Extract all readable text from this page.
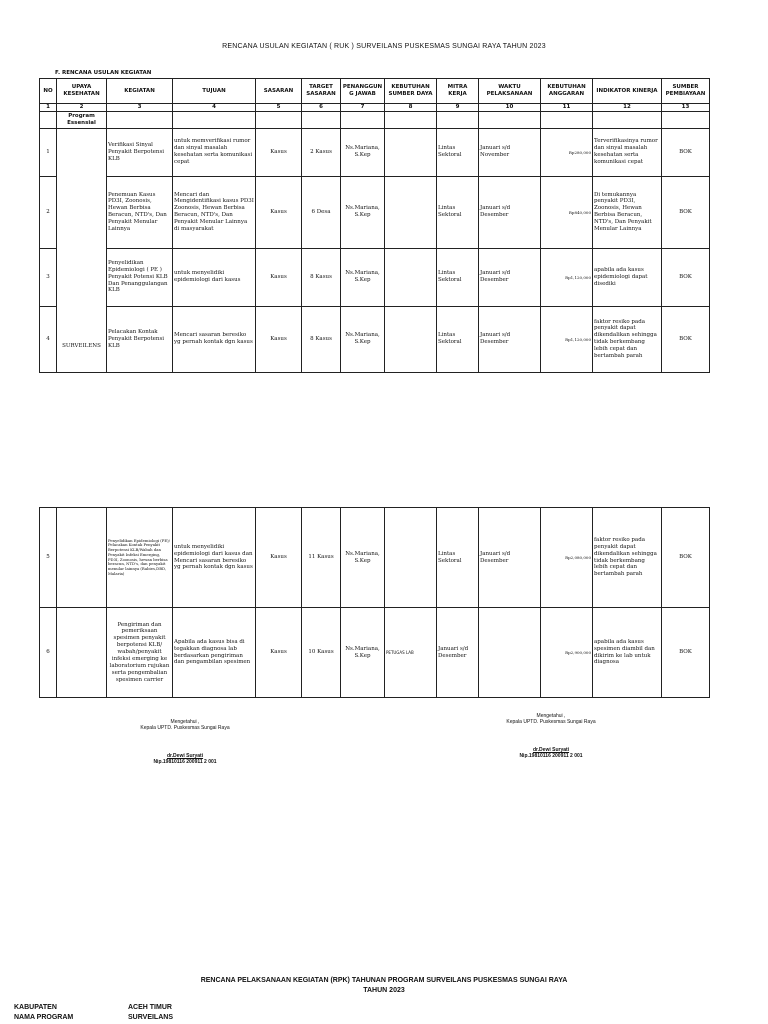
RENCANA USULAN KEGIATAN ( RUK ) SURVEILANS PUSKESMAS SUNGAI RAYA TAHUN 2023
F. RENCANA USULAN KEGIATAN
NO	UPAYA KESEHATAN	KEGIATAN	TUJUAN	SASARAN	TARGET SASARAN	PENANGGUN G JAWAB	KEBUTUHAN SUMBER DAYA	MITRA KERJA	WAKTU PELAKSANAAN	KEBUTUHAN ANGGARAN	INDIKATOR KINERJA	SUMBER PEMBIAYAAN
1	2	3	4	5	6	7	8	9	10	11	12	13
	Program Essensial											
1	SURVEILENS	Verifikasi Sinyal Penyakit Berpotensi KLB	untuk memverifikasi rumor dan sinyal masalah kesehatan serta komunikasi cepat	Kasus	2 Kasus	Ns.Mariana, S.Kep		Lintas Sektoral	Januari s/d November	Rp280,000	Terverifikasinya rumor dan sinyal masalah kesehatan serta komunikasi cepat	BOK
2		Penemuan Kasus PD3I, Zoonosis, Hewan Berbisa Beracun, NTD's, Dan Penyakit Menular Lainnya	Mencari dan Mengidentifikasi kasus PD3I Zoonosis, Hewan Berbisa Beracun, NTD's, Dan Penyakit Menular Lainnya di masyarakat	Kasus	6 Desa	Ns.Mariana, S.Kep		Lintas Sektoral	Januari s/d Desember	Rp840,000	Di temukannya penyakit PD3I, Zoonosis, Hewan Berbisa Beracun, NTD's, Dan Penyakit Menular Lainnya	BOK
3		Penyelidikan Epidemiologi ( PE ) Penyakit Potensi KLB Dan Penanggulangan KLB	untuk menyelidiki epidemiologi dari kasus	Kasus	8 Kasus	Ns.Mariana, S.Kep		Lintas Sektoral	Januari s/d Desember	Rp1,120,000	apabila ada kasus epidemiologi dapat disediki	BOK
4		Pelacakan Kontak Penyakit Berpotensi KLB	Mencari sasaran beresiko yg pernah kontak dgn kasus	Kasus	8 Kasus	Ns.Mariana, S.Kep		Lintas Sektoral	Januari s/d Desember	Rp1,120,000	faktor resiko pada penyakit dapat dikendalikan sehingga tidak berkembang lebih cepat dan bertambah parah	BOK
5		Penyelidikan Epidemiologi (PE)/ Pelacakan Kontak Penyakit Berpotensi KLB/Wabah dan Penyakit Infeksi Emerging, PD3I, Zoonosis, hewan berbisa beracun, NTD's, dan penyakit menular lainnya (Rabies,DBD, Malaria)	untuk menyelidiki epidemiologi dari kasus dan Mencari sasaran beresiko yg pernah kontak dgn kasus	Kasus	11 Kasus	Ns.Mariana, S.Kep		Lintas Sektoral	Januari s/d Desember	Rp2,080,000	faktor resiko pada penyakit dapat dikendalikan sehingga tidak berkembang lebih cepat dan bertambah parah	BOK
6		Pengiriman dan pemeriksaan spesimen penyakit berpotensi KLB/ wabah/penyakit infeksi emerging ke laboratorium rujukan serta pengembalian spesimen carrier	Apabila ada kasus bisa di tegakkan diagnosa lab berdasarkan pengiriman dan pengambilan spesimen	Kasus	10 Kasus	Ns.Mariana, S.Kep	PETUGAS LAB	Januari s/d Desember		Rp2,900,000	apabila ada kasus spesimen diambil dan dikirim ke lab untuk diagnosa	BOK
Mengetahui ,
Kepala UPTD. Puskesmas Sungai Raya
dr.Dewi Suryati
Nip.19810116 200911 2 001
Mengetahui ,
Kepala UPTD. Puskesmas Sungai Raya
dr.Dewi Suryati
Nip.19810116 200911 2 001
RENCANA PELAKSANAAN KEGIATAN (RPK) TAHUNAN PROGRAM SURVEILANS PUSKESMAS SUNGAI RAYA
TAHUN 2023
KABUPATEN	ACEH TIMUR
NAMA PROGRAM	SURVEILANS
